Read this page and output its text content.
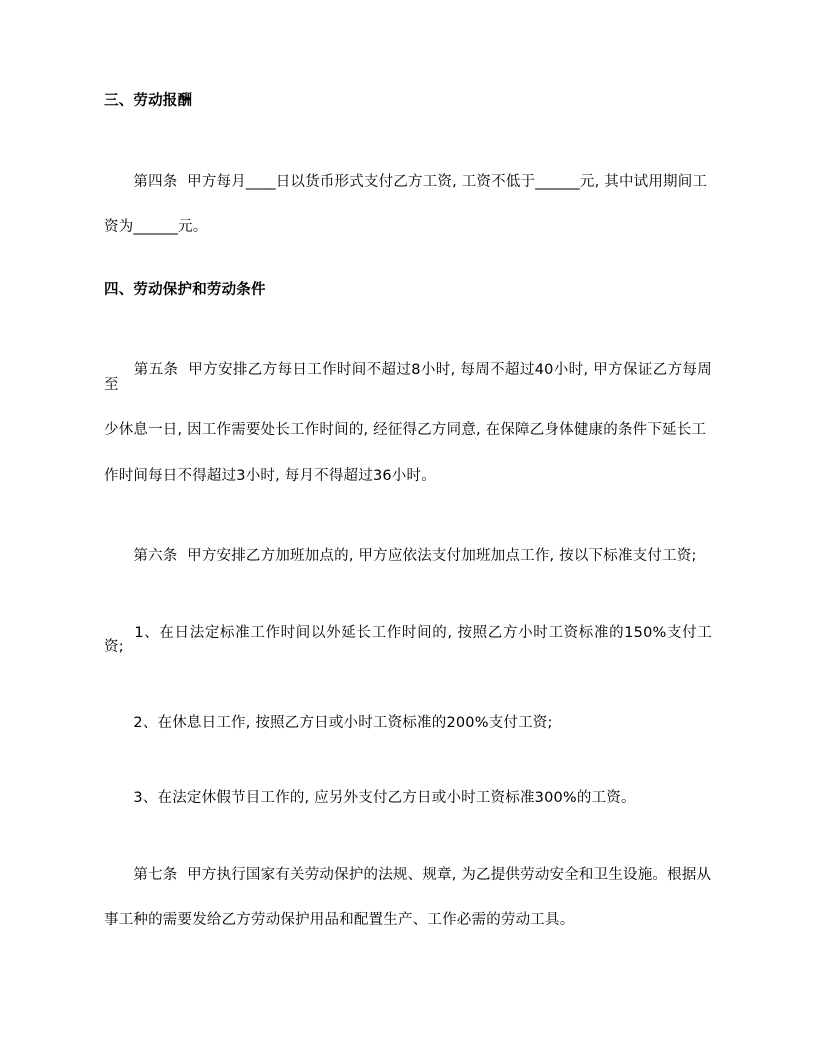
三、劳动报酬

　　第四条  甲方每月____日以货币形式支付乙方工资, 工资不低于______元, 其中试用期间工
资为______元。

四、劳动保护和劳动条件

　　第五条  甲方安排乙方每日工作时间不超过8小时, 每周不超过40小时, 甲方保证乙方每周至
少休息一日, 因工作需要处长工作时间的, 经征得乙方同意, 在保障乙身体健康的条件下延长工
作时间每日不得超过3小时, 每月不得超过36小时。

　　第六条  甲方安排乙方加班加点的, 甲方应依法支付加班加点工作, 按以下标准支付工资;

　　1、在日法定标准工作时间以外延长工作时间的, 按照乙方小时工资标准的150%支付工资;

　　2、在休息日工作, 按照乙方日或小时工资标准的200%支付工资;

　　3、在法定休假节目工作的, 应另外支付乙方日或小时工资标准300%的工资。

　　第七条  甲方执行国家有关劳动保护的法规、规章, 为乙提供劳动安全和卫生设施。根据从
事工种的需要发给乙方劳动保护用品和配置生产、工作必需的劳动工具。
